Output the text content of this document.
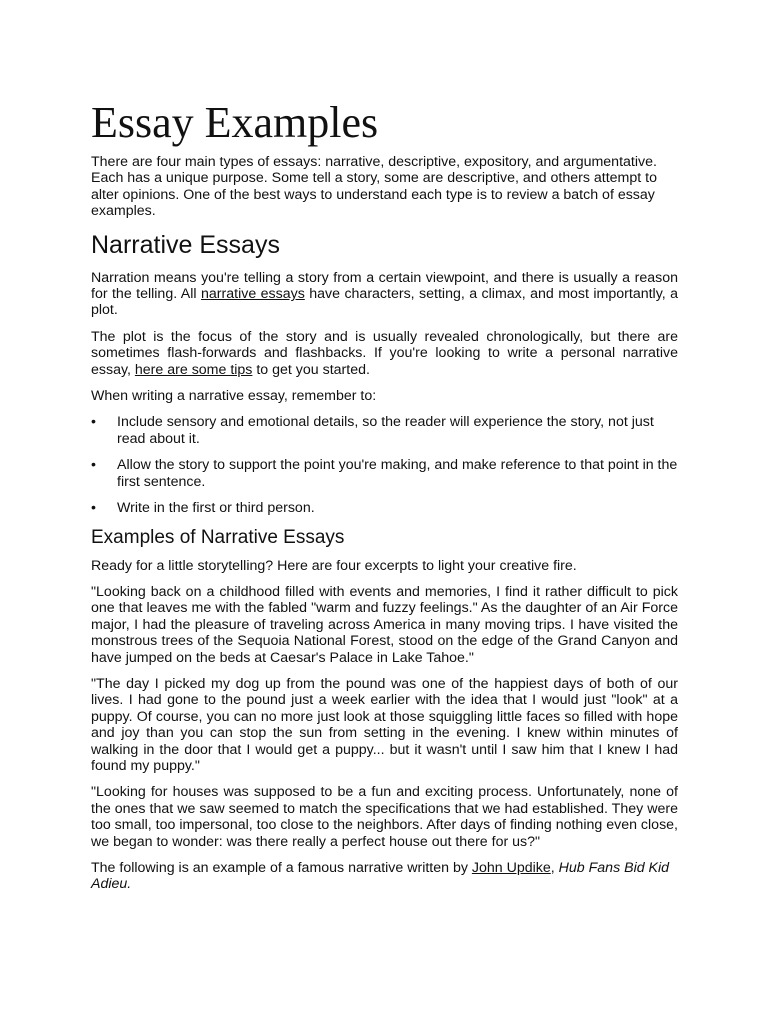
Essay Examples

There are four main types of essays: narrative, descriptive, expository, and argumentative. Each has a unique purpose. Some tell a story, some are descriptive, and others attempt to alter opinions. One of the best ways to understand each type is to review a batch of essay examples.

Narrative Essays

Narration means you're telling a story from a certain viewpoint, and there is usually a reason for the telling. All narrative essays have characters, setting, a climax, and most importantly, a plot.

The plot is the focus of the story and is usually revealed chronologically, but there are sometimes flash-forwards and flashbacks. If you're looking to write a personal narrative essay, here are some tips to get you started.

When writing a narrative essay, remember to:

•	Include sensory and emotional details, so the reader will experience the story, not just read about it.
•	Allow the story to support the point you're making, and make reference to that point in the first sentence.
•	Write in the first or third person.
Examples of Narrative Essays

Ready for a little storytelling? Here are four excerpts to light your creative fire.

"Looking back on a childhood filled with events and memories, I find it rather difficult to pick one that leaves me with the fabled "warm and fuzzy feelings." As the daughter of an Air Force major, I had the pleasure of traveling across America in many moving trips. I have visited the monstrous trees of the Sequoia National Forest, stood on the edge of the Grand Canyon and have jumped on the beds at Caesar's Palace in Lake Tahoe."

"The day I picked my dog up from the pound was one of the happiest days of both of our lives. I had gone to the pound just a week earlier with the idea that I would just "look" at a puppy. Of course, you can no more just look at those squiggling little faces so filled with hope and joy than you can stop the sun from setting in the evening. I knew within minutes of walking in the door that I would get a puppy... but it wasn't until I saw him that I knew I had found my puppy."

"Looking for houses was supposed to be a fun and exciting process. Unfortunately, none of the ones that we saw seemed to match the specifications that we had established. They were too small, too impersonal, too close to the neighbors. After days of finding nothing even close, we began to wonder: was there really a perfect house out there for us?"

The following is an example of a famous narrative written by John Updike, Hub Fans Bid Kid Adieu.
